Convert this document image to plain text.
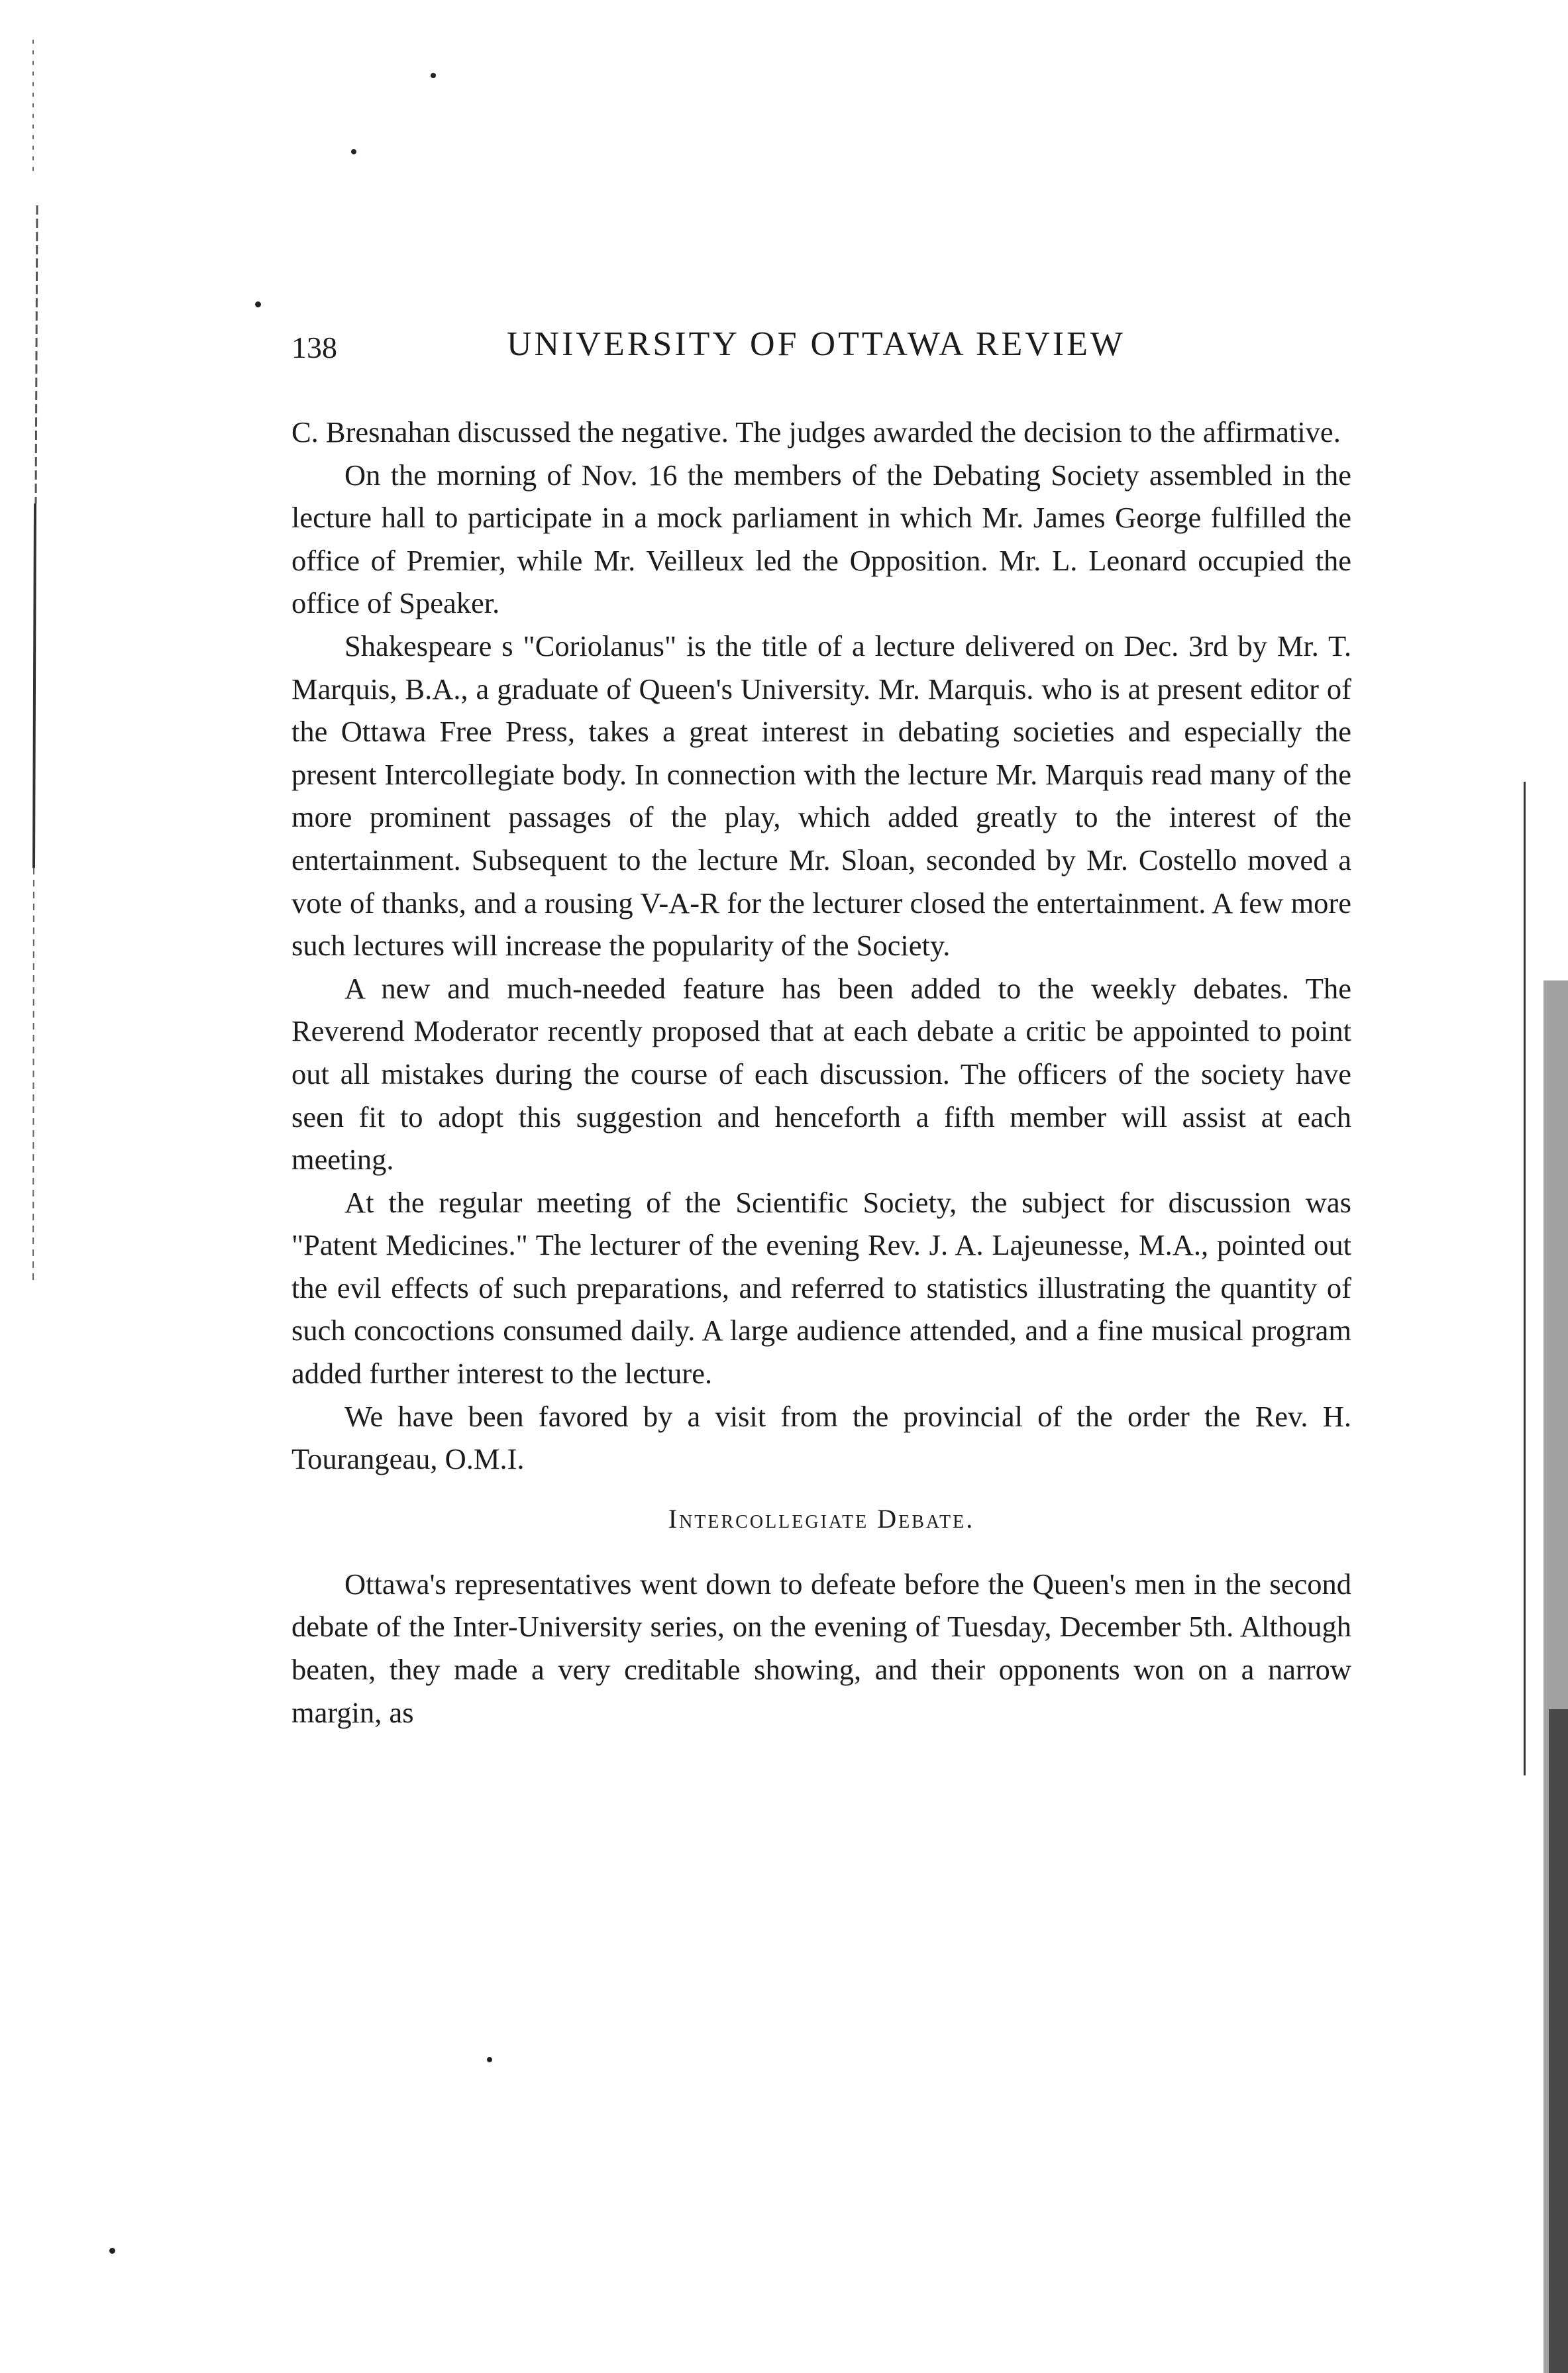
138	UNIVERSITY OF OTTAWA REVIEW

C. Bresnahan discussed the negative. The judges awarded the decision to the affirmative.

On the morning of Nov. 16 the members of the Debating Society assembled in the lecture hall to participate in a mock parliament in which Mr. James George fulfilled the office of Premier, while Mr. Veilleux led the Opposition. Mr. L. Leonard occupied the office of Speaker.

Shakespeare s "Coriolanus" is the title of a lecture delivered on Dec. 3rd by Mr. T. Marquis, B.A., a graduate of Queen's University. Mr. Marquis. who is at present editor of the Ottawa Free Press, takes a great interest in debating societies and especially the present Intercollegiate body. In connection with the lecture Mr. Marquis read many of the more prominent passages of the play, which added greatly to the interest of the entertainment. Subsequent to the lecture Mr. Sloan, seconded by Mr. Costello moved a vote of thanks, and a rousing V-A-R for the lecturer closed the entertainment. A few more such lectures will increase the popularity of the Society.

A new and much-needed feature has been added to the weekly debates. The Reverend Moderator recently proposed that at each debate a critic be appointed to point out all mistakes during the course of each discussion. The officers of the society have seen fit to adopt this suggestion and henceforth a fifth member will assist at each meeting.

At the regular meeting of the Scientific Society, the subject for discussion was "Patent Medicines." The lecturer of the evening Rev. J. A. Lajeunesse, M.A., pointed out the evil effects of such preparations, and referred to statistics illustrating the quantity of such concoctions consumed daily. A large audience attended, and a fine musical program added further interest to the lecture.

We have been favored by a visit from the provincial of the order the Rev. H. Tourangeau, O.M.I.

Intercollegiate Debate.

Ottawa's representatives went down to defeate before the Queen's men in the second debate of the Inter-University series, on the evening of Tuesday, December 5th. Although beaten, they made a very creditable showing, and their opponents won on a narrow margin, as
